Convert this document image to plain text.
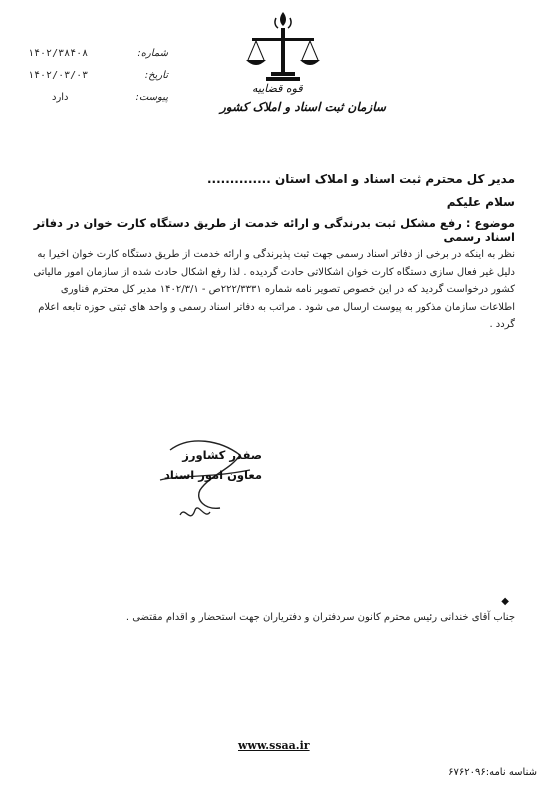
قوه قضاییه
سازمان ثبت اسناد و املاک کشور
شماره:
۱۴۰۲/۳۸۴۰۸
تاریخ:
۱۴۰۲/۰۳/۰۳
پیوست:
دارد
مدیر کل محترم ثبت اسناد و املاک استان ..............
سلام علیکم
موضوع : رفع مشکل ثبت بدرندگی و ارائه خدمت از طریق دستگاه کارت خوان در دفاتر اسناد رسمی
نظر به اینکه در برخی از دفاتر اسناد رسمی جهت ثبت پذیرندگی و ارائه خدمت از طریق دستگاه کارت خوان اخیرا به دلیل غیر فعال سازی دستگاه کارت خوان اشکالاتی حادث گردیده . لذا رفع اشکال حادث شده از سازمان امور مالیاتی کشور درخواست گردید که در این خصوص تصویر نامه شماره ۲۲۲/۳۳۳۱ص - ۱۴۰۲/۳/۱ مدیر کل محترم فناوری اطلاعات سازمان مذکور به پیوست ارسال می شود . مراتب به دفاتر اسناد رسمی و واحد های ثبتی حوزه تابعه اعلام گردد .
صفدر کشاورز
معاون امور اسناد
◆
جناب آقای خندانی رئیس محترم کانون سردفتران و دفتریاران جهت استحضار و اقدام مقتضی .
www.ssaa.ir
شناسه نامه:۶۷۶۲۰۹۶
